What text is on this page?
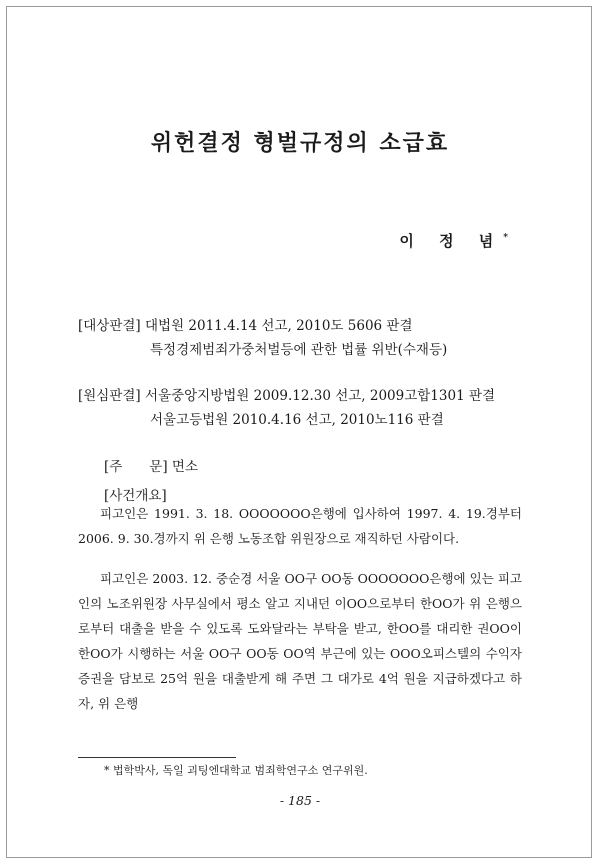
위헌결정 형벌규정의 소급효
이 정 념*
[대상판결] 대법원 2011.4.14 선고, 2010도 5606 판결
특정경제범죄가중처벌등에 관한 법률 위반(수재등)
[원심판결] 서울중앙지방법원 2009.12.30 선고, 2009고합1301 판결
서울고등법원 2010.4.16 선고, 2010노116 판결
[주　　문] 면소
[사건개요]

피고인은 1991. 3. 18. OOOOOOO은행에 입사하여 1997. 4. 19.경부터 2006. 9. 30.경까지 위 은행 노동조합 위원장으로 재직하던 사람이다.

피고인은 2003. 12. 중순경 서울 OO구 OO동 OOOOOOO은행에 있는 피고인의 노조위원장 사무실에서 평소 알고 지내던 이OO으로부터 한OO가 위 은행으로부터 대출을 받을 수 있도록 도와달라는 부탁을 받고, 한OO를 대리한 권OO이 한OO가 시행하는 서울 OO구 OO동 OO역 부근에 있는 OOO오피스텔의 수익자증권을 담보로 25억 원을 대출받게 해 주면 그 대가로 4억 원을 지급하겠다고 하자, 위 은행

* 법학박사, 독일 괴팅엔대학교 범죄학연구소 연구위원.
- 185 -
